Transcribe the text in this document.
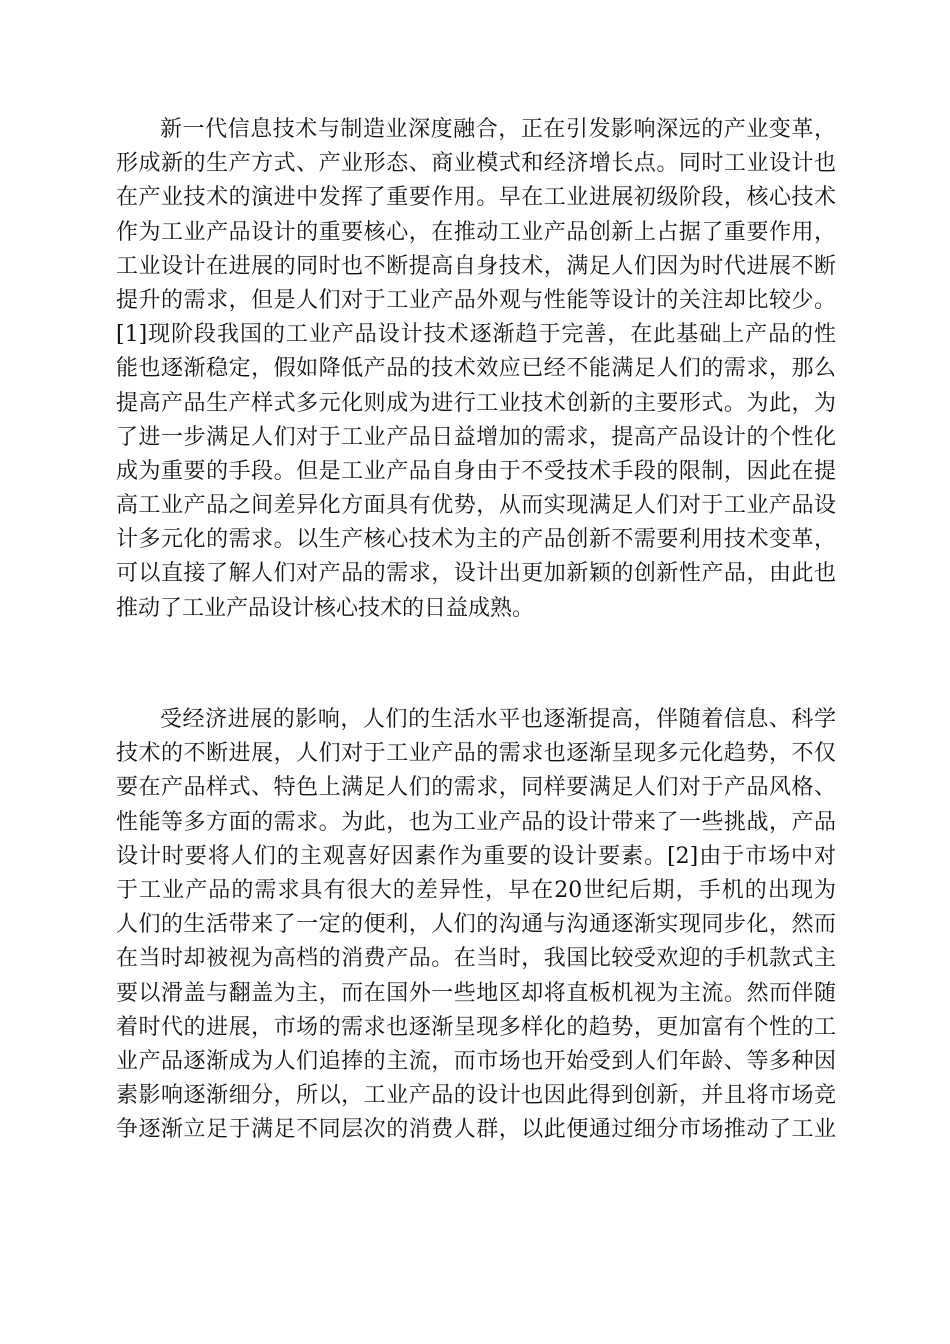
新一代信息技术与制造业深度融合，正在引发影响深远的产业变革，
形成新的生产方式、产业形态、商业模式和经济增长点。同时工业设计也
在产业技术的演进中发挥了重要作用。早在工业进展初级阶段，核心技术
作为工业产品设计的重要核心，在推动工业产品创新上占据了重要作用，
工业设计在进展的同时也不断提高自身技术，满足人们因为时代进展不断
提升的需求，但是人们对于工业产品外观与性能等设计的关注却比较少。
[1]现阶段我国的工业产品设计技术逐渐趋于完善，在此基础上产品的性
能也逐渐稳定，假如降低产品的技术效应已经不能满足人们的需求，那么
提高产品生产样式多元化则成为进行工业技术创新的主要形式。为此，为
了进一步满足人们对于工业产品日益增加的需求，提高产品设计的个性化
成为重要的手段。但是工业产品自身由于不受技术手段的限制，因此在提
高工业产品之间差异化方面具有优势，从而实现满足人们对于工业产品设
计多元化的需求。以生产核心技术为主的产品创新不需要利用技术变革，
可以直接了解人们对产品的需求，设计出更加新颖的创新性产品，由此也
推动了工业产品设计核心技术的日益成熟。
受经济进展的影响，人们的生活水平也逐渐提高，伴随着信息、科学
技术的不断进展，人们对于工业产品的需求也逐渐呈现多元化趋势，不仅
要在产品样式、特色上满足人们的需求，同样要满足人们对于产品风格、
性能等多方面的需求。为此，也为工业产品的设计带来了一些挑战，产品
设计时要将人们的主观喜好因素作为重要的设计要素。[2]由于市场中对
于工业产品的需求具有很大的差异性，早在20世纪后期，手机的出现为
人们的生活带来了一定的便利，人们的沟通与沟通逐渐实现同步化，然而
在当时却被视为高档的消费产品。在当时，我国比较受欢迎的手机款式主
要以滑盖与翻盖为主，而在国外一些地区却将直板机视为主流。然而伴随
着时代的进展，市场的需求也逐渐呈现多样化的趋势，更加富有个性的工
业产品逐渐成为人们追捧的主流，而市场也开始受到人们年龄、等多种因
素影响逐渐细分，所以，工业产品的设计也因此得到创新，并且将市场竞
争逐渐立足于满足不同层次的消费人群，以此便通过细分市场推动了工业
